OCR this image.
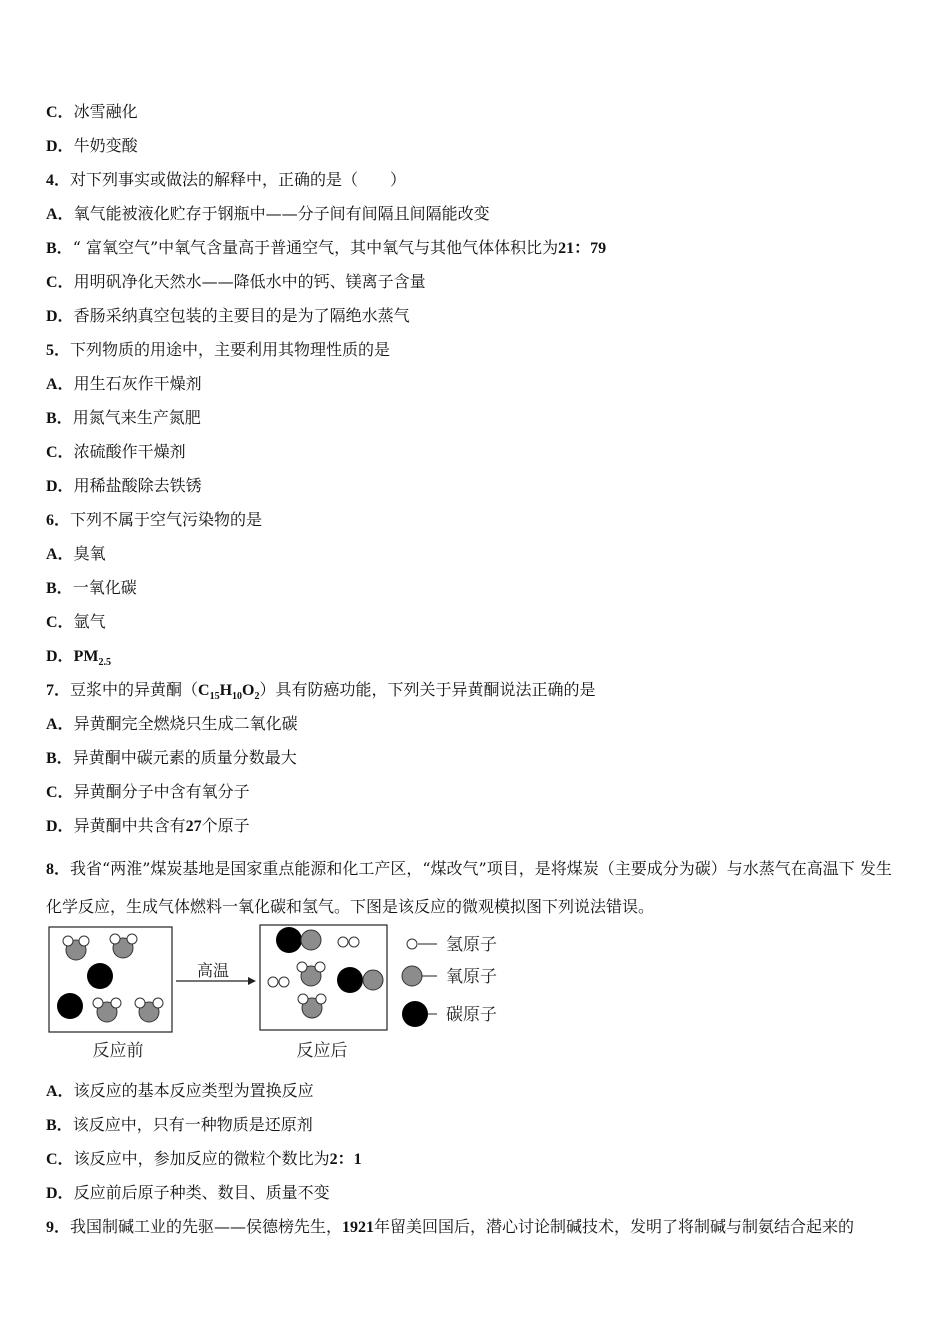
C．冰雪融化
D．牛奶变酸
4．对下列事实或做法的解释中，正确的是（　　）
A．氧气能被液化贮存于钢瓶中——分子间有间隔且间隔能改变
B．“ 富氧空气”中氧气含量高于普通空气，其中氧气与其他气体体积比为21：79
C．用明矾净化天然水——降低水中的钙、镁离子含量
D．香肠采纳真空包装的主要目的是为了隔绝水蒸气
5．下列物质的用途中，主要利用其物理性质的是
A．用生石灰作干燥剂
B．用氮气来生产氮肥
C．浓硫酸作干燥剂
D．用稀盐酸除去铁锈
6．下列不属于空气污染物的是
A．臭氧
B．一氧化碳
C．氩气
D．$PM_{2.5}$
7．豆浆中的异黄酮$(C_{15}H_{10}O_2)$具有防癌功能，下列关于异黄酮说法正确的是
A．异黄酮完全燃烧只生成二氧化碳
B．异黄酮中碳元素的质量分数最大
C．异黄酮分子中含有氧分子
D．异黄酮中共含有27个原子
8．我省“两淮”煤炭基地是国家重点能源和化工产区，“煤改气”项目，是将煤炭（主要成分为碳）与水蒸气在高温下 发生化学反应，生成气体燃料一氧化碳和氢气。下图是该反应的微观模拟图下列说法错误。
反应前
高温
反应后
氢原子
氧原子
碳原子
A．该反应的基本反应类型为置换反应
B．该反应中，只有一种物质是还原剂
C．该反应中，参加反应的微粒个数比为2：1
D．反应前后原子种类、数目、质量不变
9．我国制碱工业的先驱——侯德榜先生，1921年留美回国后，潜心讨论制碱技术，发明了将制碱与制氨结合起来的
